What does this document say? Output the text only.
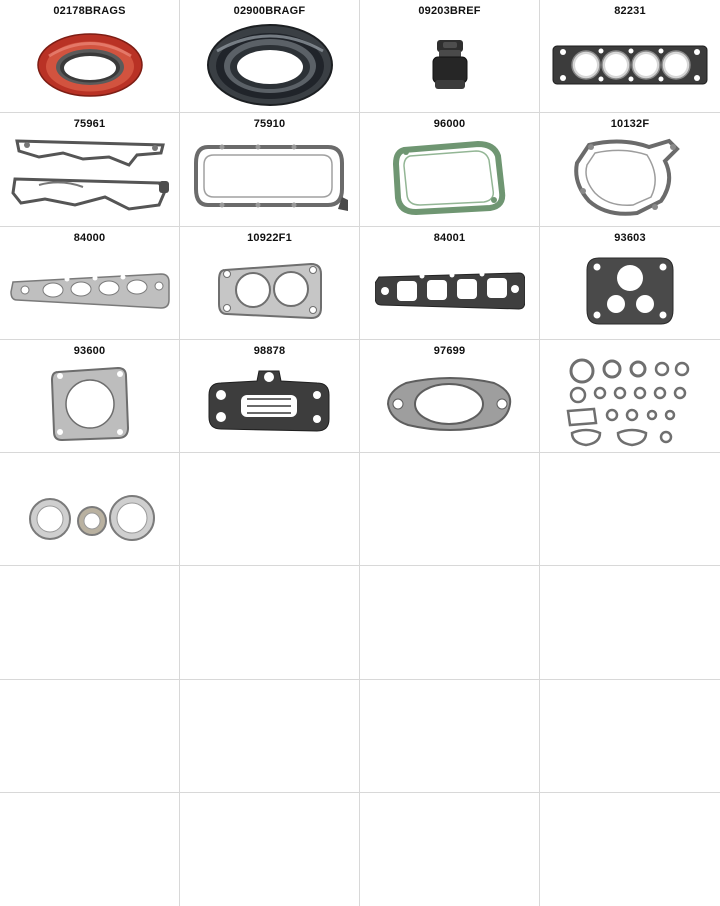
02178BRAGS	02900BRAGF	09203BREF	82231
75961	75910	96000	10132F
84000	10922F1	84001	93603
93600	98878	97699
